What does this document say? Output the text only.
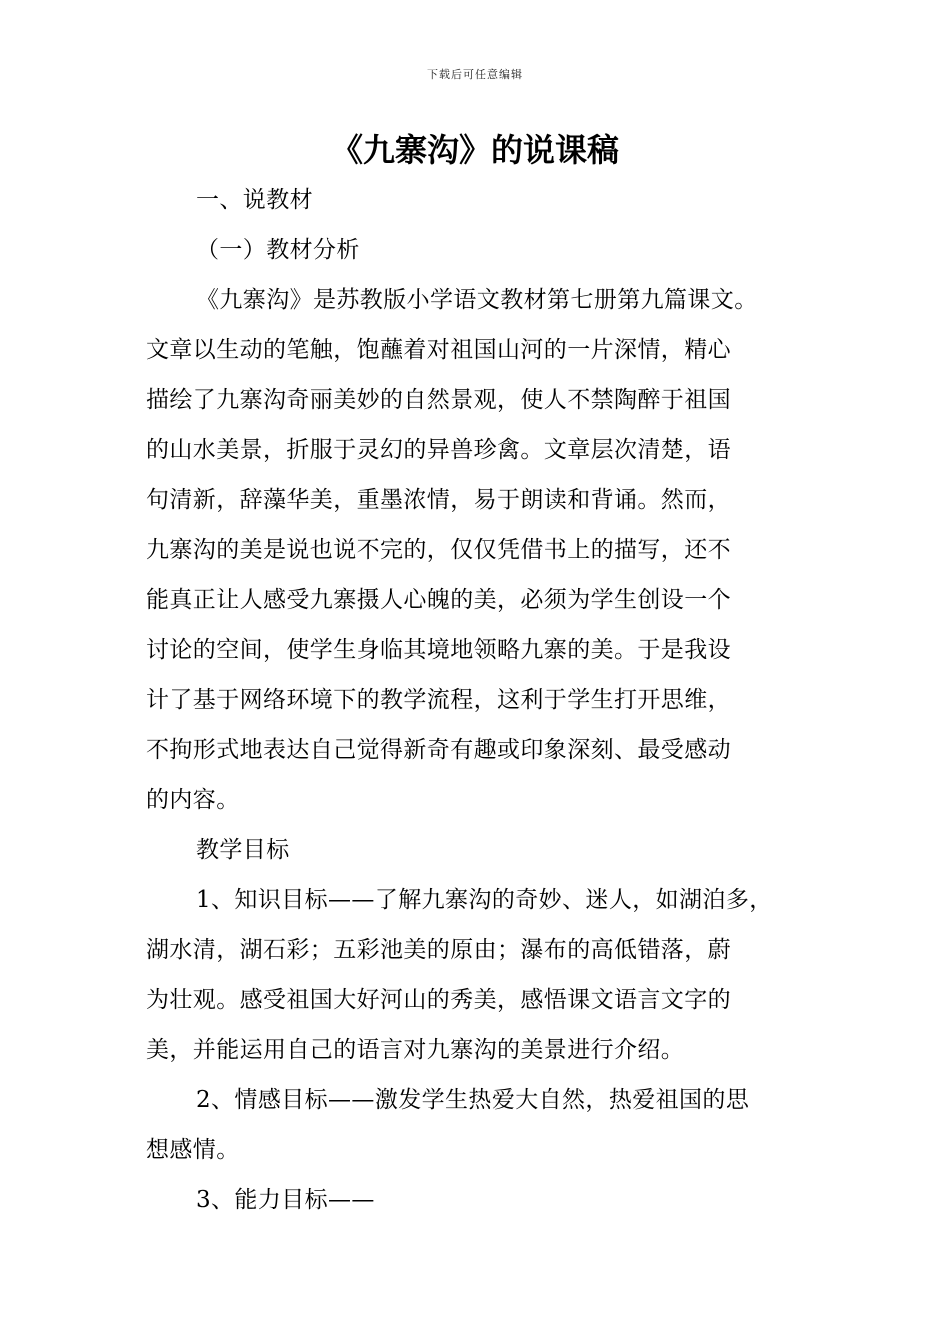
下载后可任意编辑
《九寨沟》的说课稿
一、说教材
（一）教材分析
《九寨沟》是苏教版小学语文教材第七册第九篇课文。
文章以生动的笔触，饱蘸着对祖国山河的一片深情，精心
描绘了九寨沟奇丽美妙的自然景观，使人不禁陶醉于祖国
的山水美景，折服于灵幻的异兽珍禽。文章层次清楚，语
句清新，辞藻华美，重墨浓情，易于朗读和背诵。然而，
九寨沟的美是说也说不完的，仅仅凭借书上的描写，还不
能真正让人感受九寨摄人心魄的美，必须为学生创设一个
讨论的空间，使学生身临其境地领略九寨的美。于是我设
计了基于网络环境下的教学流程，这利于学生打开思维，
不拘形式地表达自己觉得新奇有趣或印象深刻、最受感动
的内容。
教学目标
1、知识目标——了解九寨沟的奇妙、迷人，如湖泊多，
湖水清，湖石彩；五彩池美的原由；瀑布的高低错落，蔚
为壮观。感受祖国大好河山的秀美，感悟课文语言文字的
美，并能运用自己的语言对九寨沟的美景进行介绍。
2、情感目标——激发学生热爱大自然，热爱祖国的思
想感情。
3、能力目标——
